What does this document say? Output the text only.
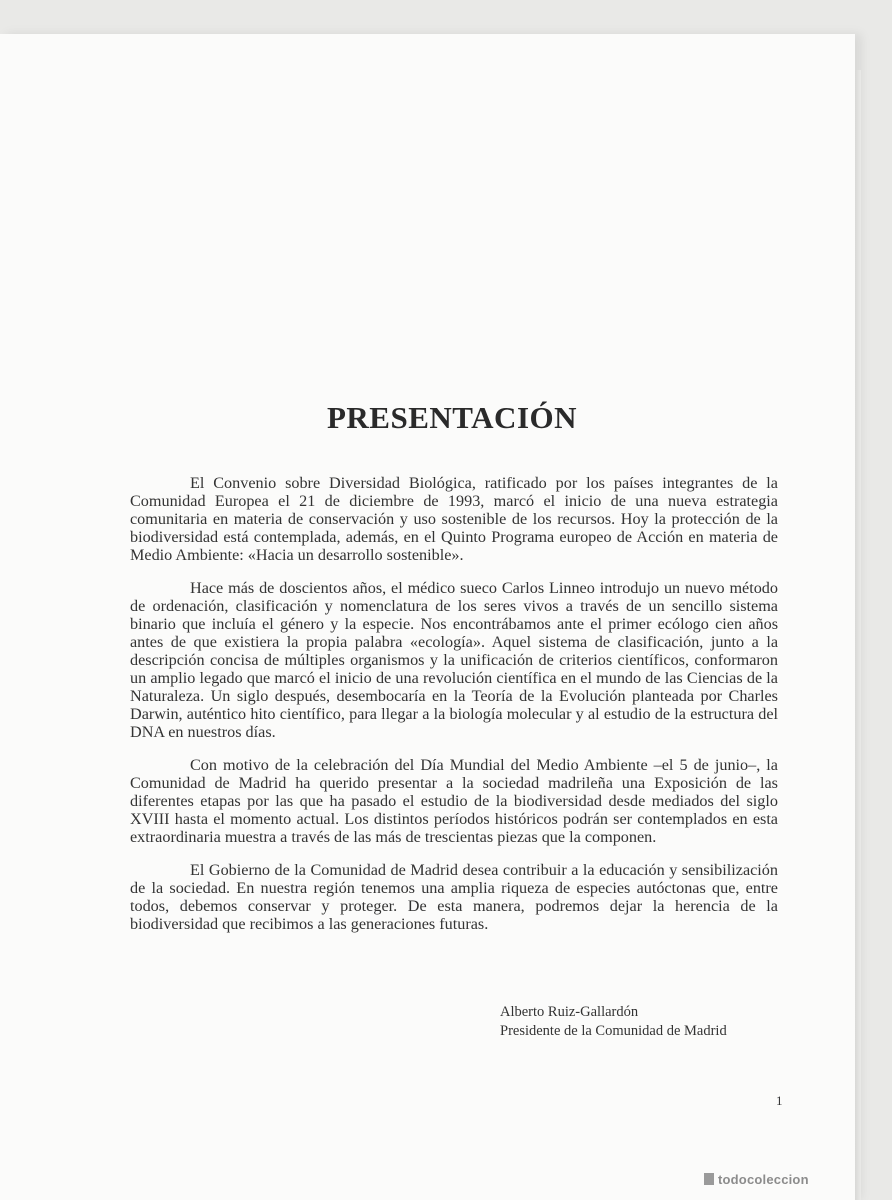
PRESENTACIÓN

El Convenio sobre Diversidad Biológica, ratificado por los países integrantes de la Comunidad Europea el 21 de diciembre de 1993, marcó el inicio de una nueva estrategia comunitaria en materia de conservación y uso sostenible de los recursos. Hoy la protección de la biodiversidad está contemplada, además, en el Quinto Programa europeo de Acción en materia de Medio Ambiente: «Hacia un desarrollo sostenible».

Hace más de doscientos años, el médico sueco Carlos Linneo introdujo un nuevo método de ordenación, clasificación y nomenclatura de los seres vivos a través de un sencillo sistema binario que incluía el género y la especie. Nos encontrábamos ante el primer ecólogo cien años antes de que existiera la propia palabra «ecología». Aquel sistema de clasificación, junto a la descripción concisa de múltiples organismos y la unificación de criterios científicos, conformaron un amplio legado que marcó el inicio de una revolución científica en el mundo de las Ciencias de la Naturaleza. Un siglo después, desembocaría en la Teoría de la Evolución planteada por Charles Darwin, auténtico hito científico, para llegar a la biología molecular y al estudio de la estructura del DNA en nuestros días.

Con motivo de la celebración del Día Mundial del Medio Ambiente –el 5 de junio–, la Comunidad de Madrid ha querido presentar a la sociedad madrileña una Exposición de las diferentes etapas por las que ha pasado el estudio de la biodiversidad desde mediados del siglo XVIII hasta el momento actual. Los distintos períodos históricos podrán ser contemplados en esta extraordinaria muestra a través de las más de trescientas piezas que la componen.

El Gobierno de la Comunidad de Madrid desea contribuir a la educación y sensibilización de la sociedad. En nuestra región tenemos una amplia riqueza de especies autóctonas que, entre todos, debemos conservar y proteger. De esta manera, podremos dejar la herencia de la biodiversidad que recibimos a las generaciones futuras.

Alberto Ruiz-Gallardón
Presidente de la Comunidad de Madrid
1
todocoleccion
